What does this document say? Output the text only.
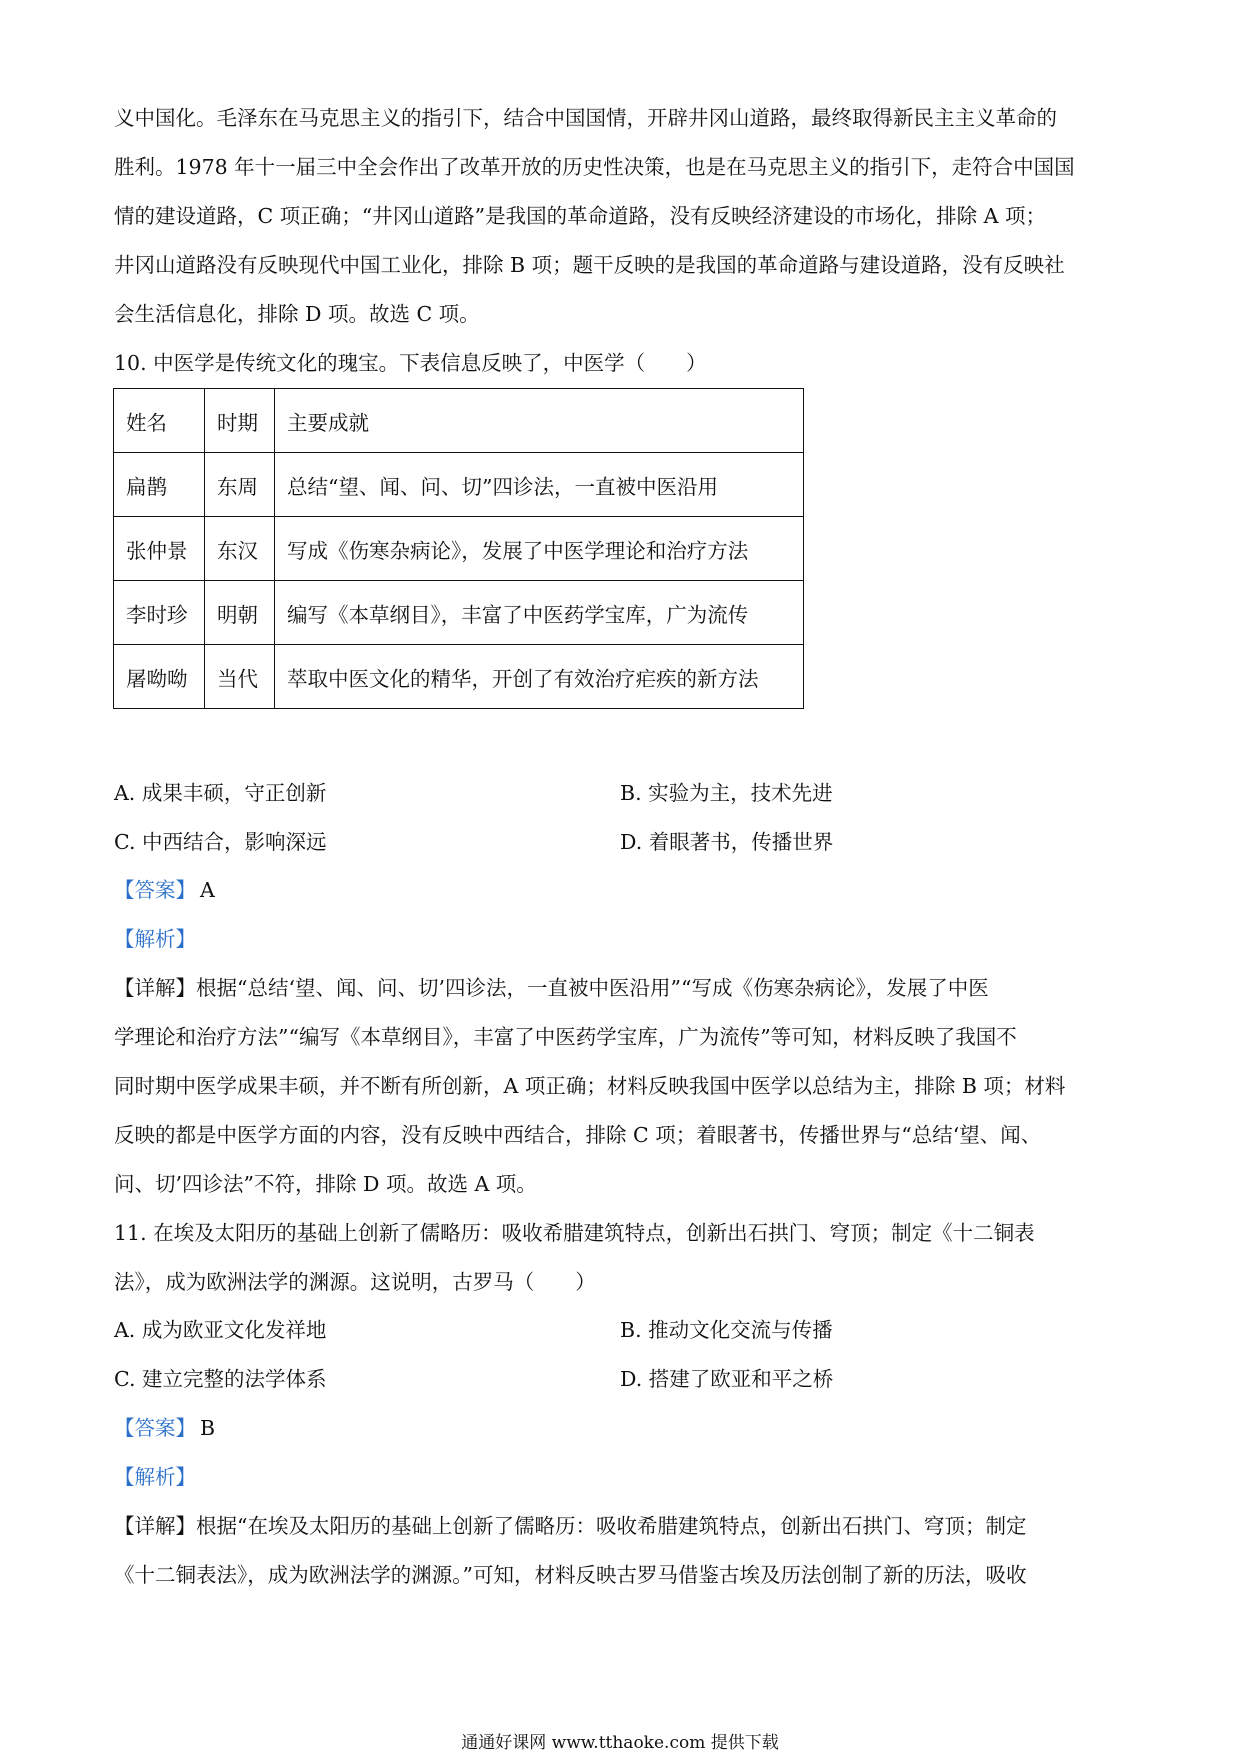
义中国化。毛泽东在马克思主义的指引下，结合中国国情，开辟井冈山道路，最终取得新民主主义革命的
胜利。1978 年十一届三中全会作出了改革开放的历史性决策，也是在马克思主义的指引下，走符合中国国
情的建设道路，C 项正确；“井冈山道路”是我国的革命道路，没有反映经济建设的市场化，排除 A 项；
井冈山道路没有反映现代中国工业化，排除 B 项；题干反映的是我国的革命道路与建设道路，没有反映社
会生活信息化，排除 D 项。故选 C 项。
10. 中医学是传统文化的瑰宝。下表信息反映了，中医学（　　）
姓名	时期	主要成就
扁鹊	东周	总结“望、闻、问、切”四诊法，一直被中医沿用
张仲景	东汉	写成《伤寒杂病论》，发展了中医学理论和治疗方法
李时珍	明朝	编写《本草纲目》，丰富了中医药学宝库，广为流传
屠呦呦	当代	萃取中医文化的精华，开创了有效治疗疟疾的新方法
A. 成果丰硕，守正创新	B. 实验为主，技术先进
C. 中西结合，影响深远	D. 着眼著书，传播世界
【答案】 A
【解析】
【详解】根据“总结‘望、闻、问、切’四诊法，一直被中医沿用”“写成《伤寒杂病论》，发展了中医
学理论和治疗方法”“编写《本草纲目》，丰富了中医药学宝库，广为流传”等可知，材料反映了我国不
同时期中医学成果丰硕，并不断有所创新，A 项正确；材料反映我国中医学以总结为主，排除 B 项；材料
反映的都是中医学方面的内容，没有反映中西结合，排除 C 项；着眼著书，传播世界与“总结‘望、闻、
问、切’四诊法”不符，排除 D 项。故选 A 项。
11. 在埃及太阳历的基础上创新了儒略历：吸收希腊建筑特点，创新出石拱门、穹顶；制定《十二铜表
法》，成为欧洲法学的渊源。这说明，古罗马（　　）
A. 成为欧亚文化发祥地	B. 推动文化交流与传播
C. 建立完整的法学体系	D. 搭建了欧亚和平之桥
【答案】 B
【解析】
【详解】根据“在埃及太阳历的基础上创新了儒略历：吸收希腊建筑特点，创新出石拱门、穹顶；制定
《十二铜表法》，成为欧洲法学的渊源。”可知，材料反映古罗马借鉴古埃及历法创制了新的历法，吸收
通通好课网 www.tthaoke.com 提供下载
